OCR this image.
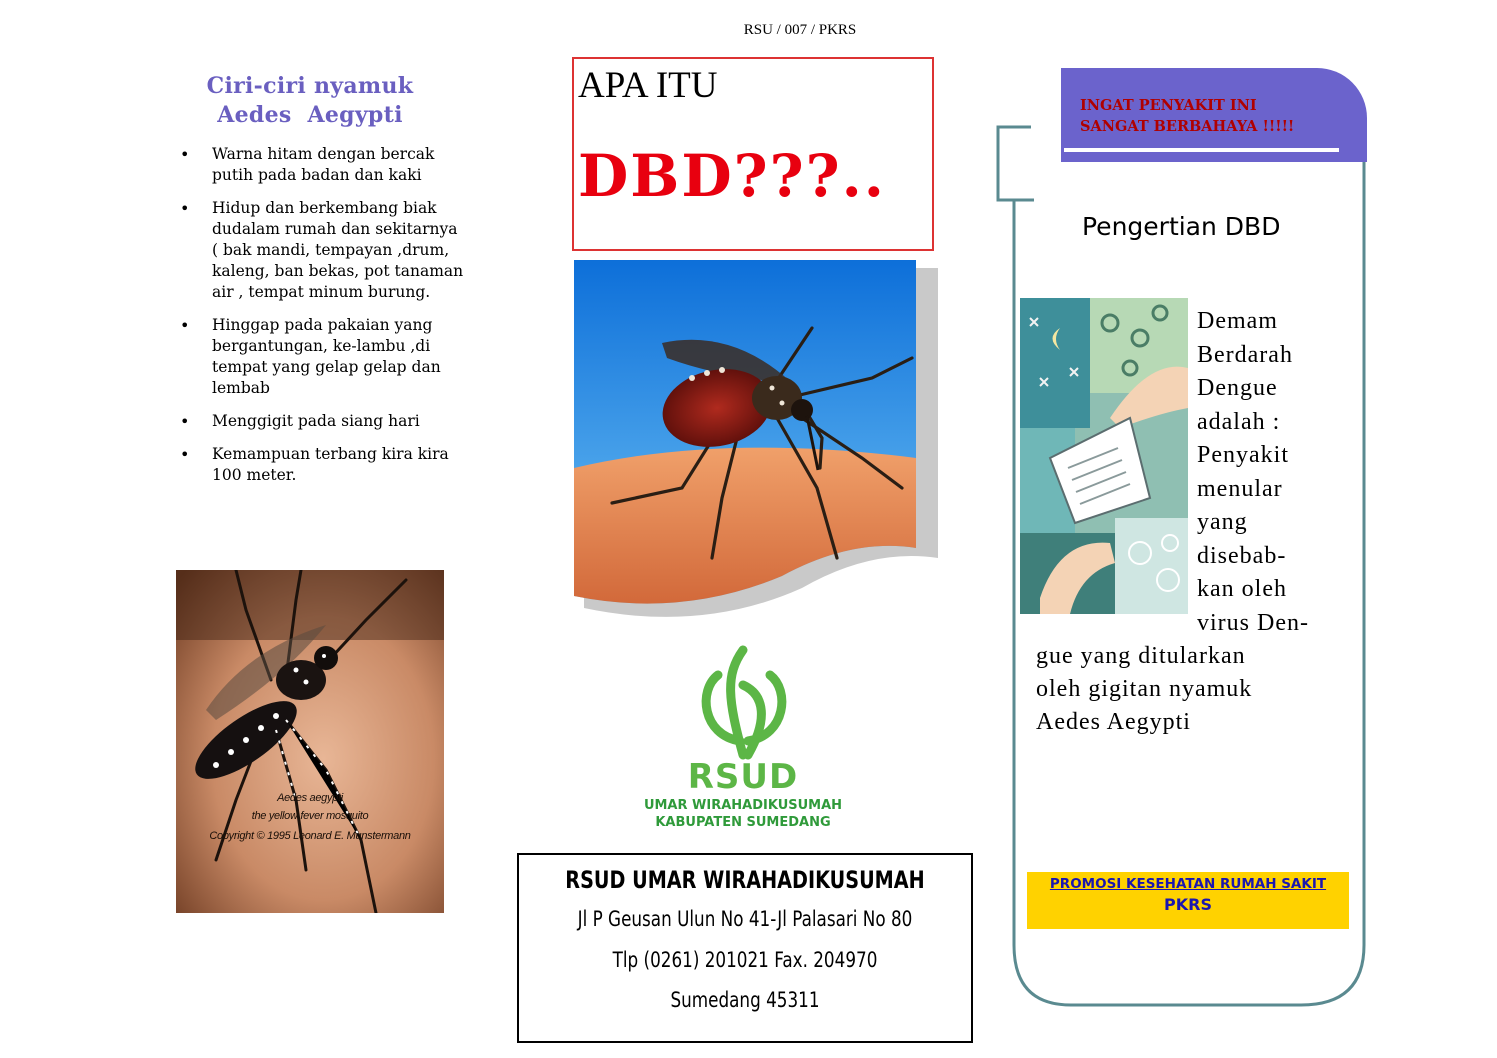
RSU / 007 / PKRS
Ciri-ciri nyamuk
Aedes  Aegypti
• Warna hitam dengan bercak putih pada badan dan kaki
• Hidup dan berkembang biak dudalam rumah dan sekitarnya ( bak mandi, tempayan ,drum, kaleng, ban bekas, pot tanaman air , tempat minum burung.
• Hinggap pada pakaian yang bergantungan, ke-lambu ,di tempat yang gelap gelap dan lembab
• Menggigit pada siang hari
• Kemampuan terbang kira kira 100 meter.
Aedes aegypti
the yellow fever mosquito
Copyright © 1995 Leonard E. Munstermann
APA ITU
DBD???..
RSUD
UMAR WIRAHADIKUSUMAH
KABUPATEN SUMEDANG
RSUD UMAR WIRAHADIKUSUMAH
Jl P Geusan Ulun No 41-Jl Palasari No 80
Tlp (0261) 201021 Fax. 204970
Sumedang 45311
INGAT PENYAKIT INI
SANGAT BERBAHAYA !!!!!
Pengertian DBD
Demam
Berdarah
Dengue
adalah :
Penyakit
menular
yang
disebab-
kan oleh
virus Den-
gue yang ditularkan
oleh gigitan nyamuk
Aedes Aegypti
PROMOSI KESEHATAN RUMAH SAKIT
PKRS
